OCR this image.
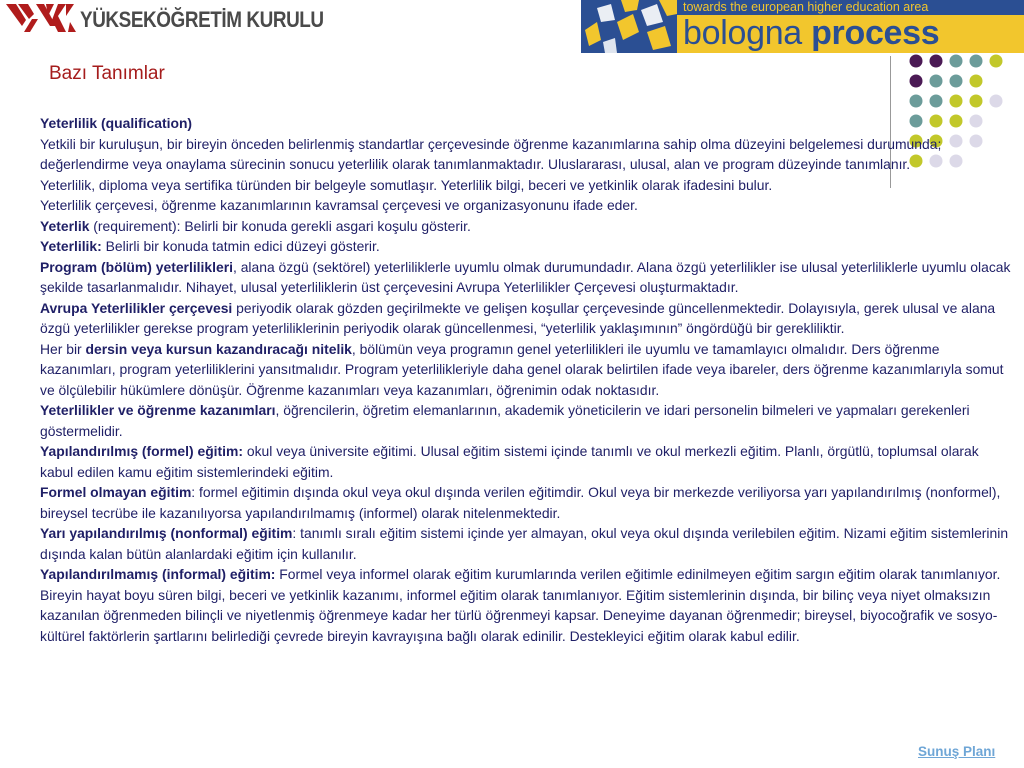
YÜKSEKÖĞRETİM KURULU	towards the european higher education area
bologna process
Bazı Tanımlar

Yeterlilik (qualification)

Yetkili bir kuruluşun, bir bireyin önceden belirlenmiş standartlar çerçevesinde öğrenme kazanımlarına sahip olma düzeyini belgelemesi durumunda; değerlendirme veya onaylama sürecinin sonucu yeterlilik olarak tanımlanmaktadır. Uluslararası, ulusal, alan ve program düzeyinde tanımlanır.

Yeterlilik, diploma veya sertifika türünden bir belgeyle somutlaşır. Yeterlilik bilgi, beceri ve yetkinlik olarak ifadesini bulur.

Yeterlilik çerçevesi, öğrenme kazanımlarının kavramsal çerçevesi ve organizasyonunu ifade eder.

Yeterlik (requirement): Belirli bir konuda gerekli asgari koşulu gösterir.

Yeterlilik: Belirli bir konuda tatmin edici düzeyi gösterir.

Program (bölüm) yeterlilikleri, alana özgü (sektörel) yeterliliklerle uyumlu olmak durumundadır. Alana özgü yeterlilikler ise ulusal yeterliliklerle uyumlu olacak şekilde tasarlanmalıdır. Nihayet, ulusal yeterliliklerin üst çerçevesini Avrupa Yeterlilikler Çerçevesi oluşturmaktadır.

Avrupa Yeterlilikler çerçevesi periyodik olarak gözden geçirilmekte ve gelişen koşullar çerçevesinde güncellenmektedir. Dolayısıyla, gerek ulusal ve alana özgü yeterlilikler gerekse program yeterliliklerinin periyodik olarak güncellenmesi, “yeterlilik yaklaşımının” öngördüğü bir gerekliliktir.

Her bir dersin veya kursun kazandıracağı nitelik, bölümün veya programın genel yeterlilikleri ile uyumlu ve tamamlayıcı olmalıdır. Ders öğrenme kazanımları, program yeterliliklerini yansıtmalıdır. Program yeterlilikleriyle daha genel olarak belirtilen ifade veya ibareler, ders öğrenme kazanımlarıyla somut ve ölçülebilir hükümlere dönüşür. Öğrenme kazanımları veya kazanımları, öğrenimin odak noktasıdır.

Yeterlilikler ve öğrenme kazanımları, öğrencilerin, öğretim elemanlarının, akademik yöneticilerin ve idari personelin bilmeleri ve yapmaları gerekenleri göstermelidir.

Yapılandırılmış (formel) eğitim: okul veya üniversite eğitimi. Ulusal eğitim sistemi içinde tanımlı ve okul merkezli eğitim. Planlı, örgütlü, toplumsal olarak kabul edilen kamu eğitim sistemlerindeki eğitim.

Formel olmayan eğitim: formel eğitimin dışında okul veya okul dışında verilen eğitimdir. Okul veya bir merkezde veriliyorsa yarı yapılandırılmış (nonformel), bireysel tecrübe ile kazanılıyorsa yapılandırılmamış (informel) olarak nitelenmektedir.

Yarı yapılandırılmış (nonformal) eğitim: tanımlı sıralı eğitim sistemi içinde yer almayan, okul veya okul dışında verilebilen eğitim. Nizami eğitim sistemlerinin dışında kalan bütün alanlardaki eğitim için kullanılır.

Yapılandırılmamış (informal) eğitim: Formel veya informel olarak eğitim kurumlarında verilen eğitimle edinilmeyen eğitim sargın eğitim olarak tanımlanıyor. Bireyin hayat boyu süren bilgi, beceri ve yetkinlik kazanımı, informel eğitim olarak tanımlanıyor. Eğitim sistemlerinin dışında, bir bilinç veya niyet olmaksızın kazanılan öğrenmeden bilinçli ve niyetlenmiş öğrenmeye kadar her türlü öğrenmeyi kapsar. Deneyime dayanan öğrenmedir; bireysel, biyocoğrafik ve sosyo-kültürel faktörlerin şartlarını belirlediği çevrede bireyin kavrayışına bağlı olarak edinilir. Destekleyici eğitim olarak kabul edilir.

Sunuş Planı
